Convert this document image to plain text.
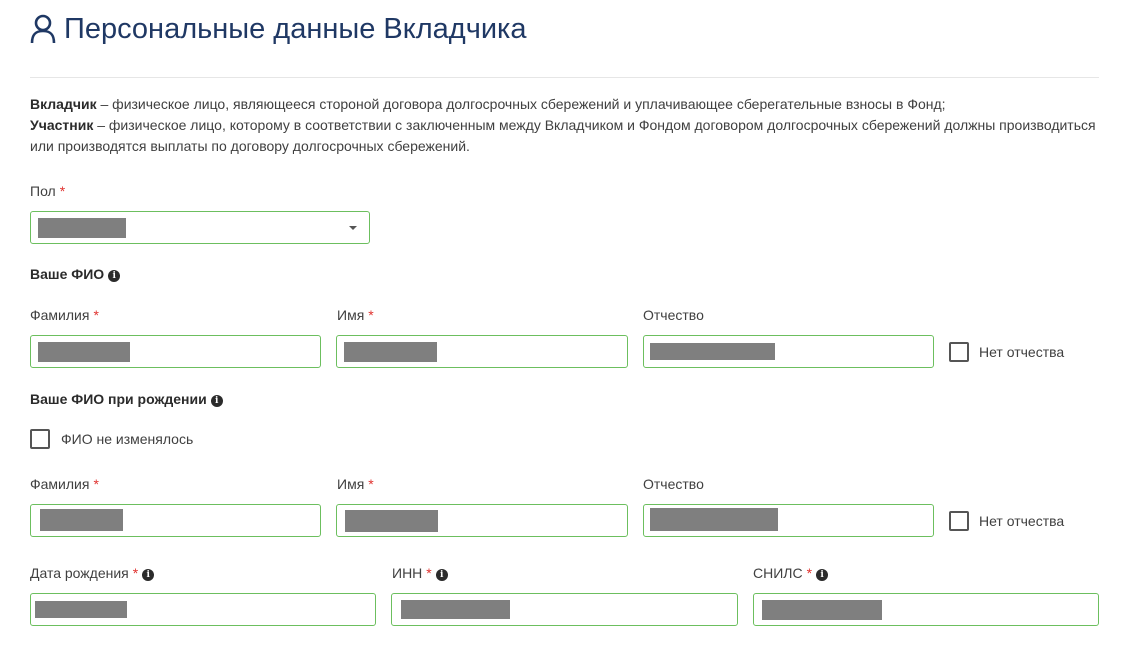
Персональные данные Вкладчика
Вкладчик – физическое лицо, являющееся стороной договора долгосрочных сбережений и уплачивающее сберегательные взносы в Фонд;
Участник – физическое лицо, которому в соответствии с заключенным между Вкладчиком и Фондом договором долгосрочных сбережений должны производиться или производятся выплаты по договору долгосрочных сбережений.
Пол *
Ваше ФИО i
Фамилия *	Имя *	Отчество
Нет отчества
Ваше ФИО при рождении i
ФИО не изменялось
Фамилия *	Имя *	Отчество
Нет отчества
Дата рождения * i	ИНН * i	СНИЛС * i
